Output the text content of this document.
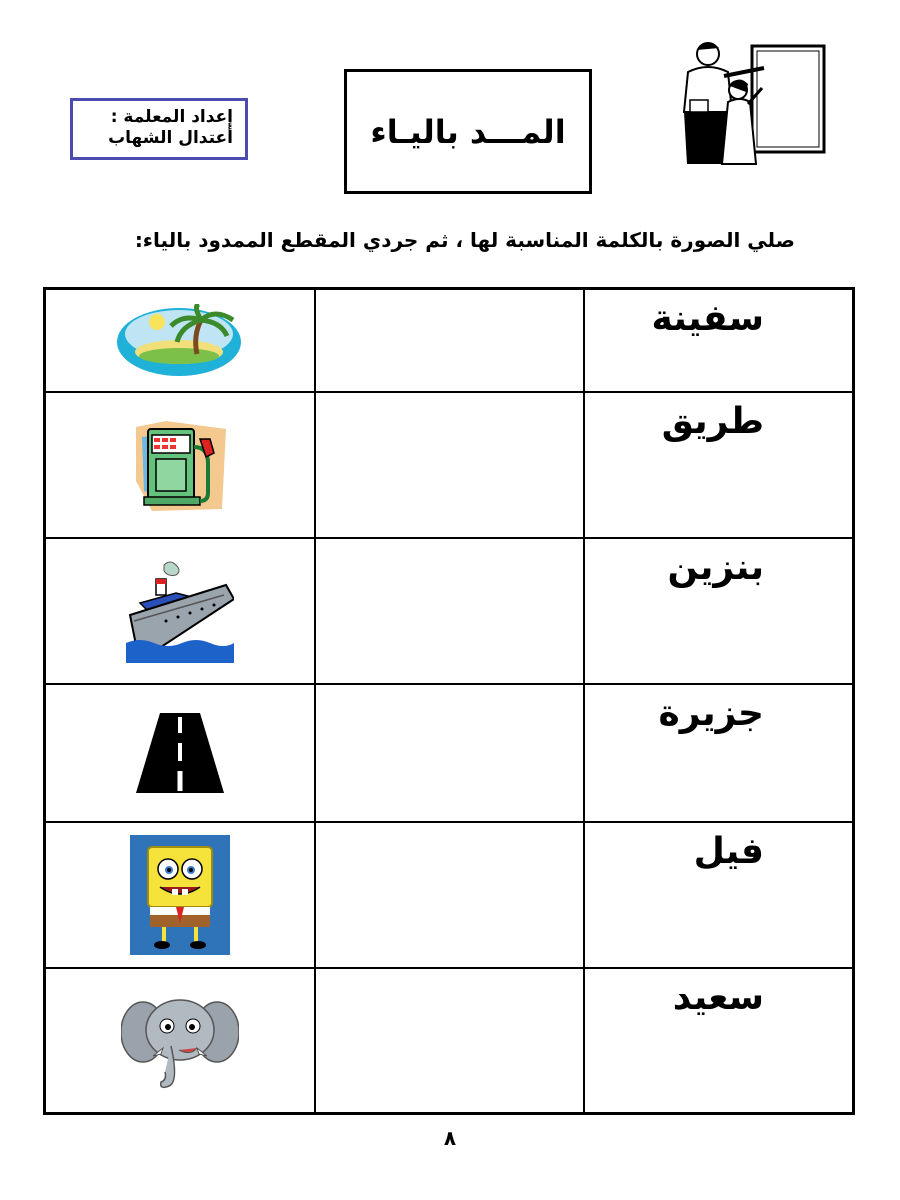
إعداد المعلمة :
أعتدال الشهاب	المـــد باليـاء
صلي الصورة بالكلمة المناسبة لها ، ثم جردي المقطع الممدود بالياء:
		سفينة

		طريق

		بنزين

		جزيرة

		فيل

		سعيد
٨
